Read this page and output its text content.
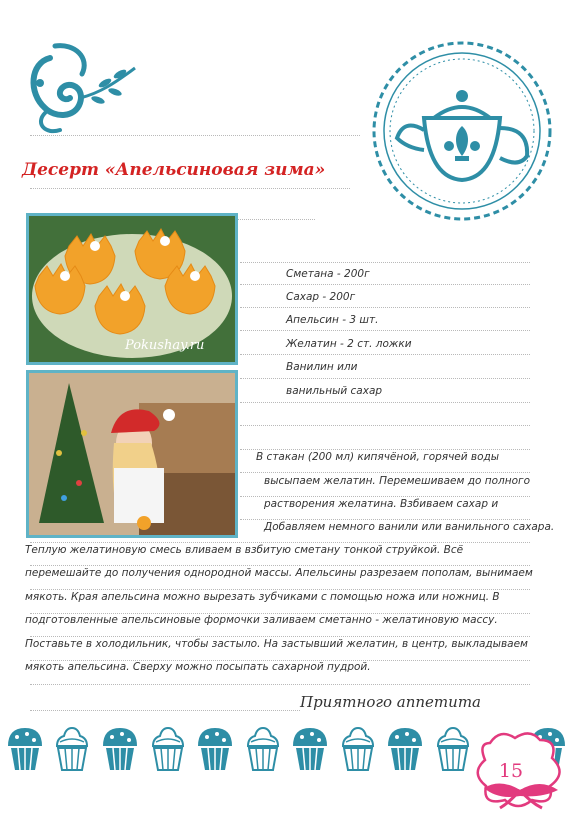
Десерт «Апельсиновая зима»
Pokushay.ru
Сметана - 200г
Сахар - 200г
Апельсин - 3 шт.
Желатин - 2 ст. ложки
Ванилин или
ванильный сахар
В стакан (200 мл) кипячёной, горячей воды
высыпаем желатин. Перемешиваем до полного
растворения желатина. Взбиваем сахар и
Добавляем немного ванили или ванильного сахара.
Теплую желатиновую смесь вливаем в взбитую сметану тонкой струйкой. Всё
перемешайте до получения однородной массы. Апельсины разрезаем пополам, вынимаем
мякоть. Края апельсина можно вырезать зубчиками с помощью ножа или ножниц. В
подготовленные апельсиновые формочки заливаем сметанно - желатиновую массу.
Поставьте в холодильник, чтобы застыло. На застывший желатин, в центр, выкладываем
мякоть апельсина. Сверху можно посыпать сахарной пудрой.
Приятного аппетита
15
